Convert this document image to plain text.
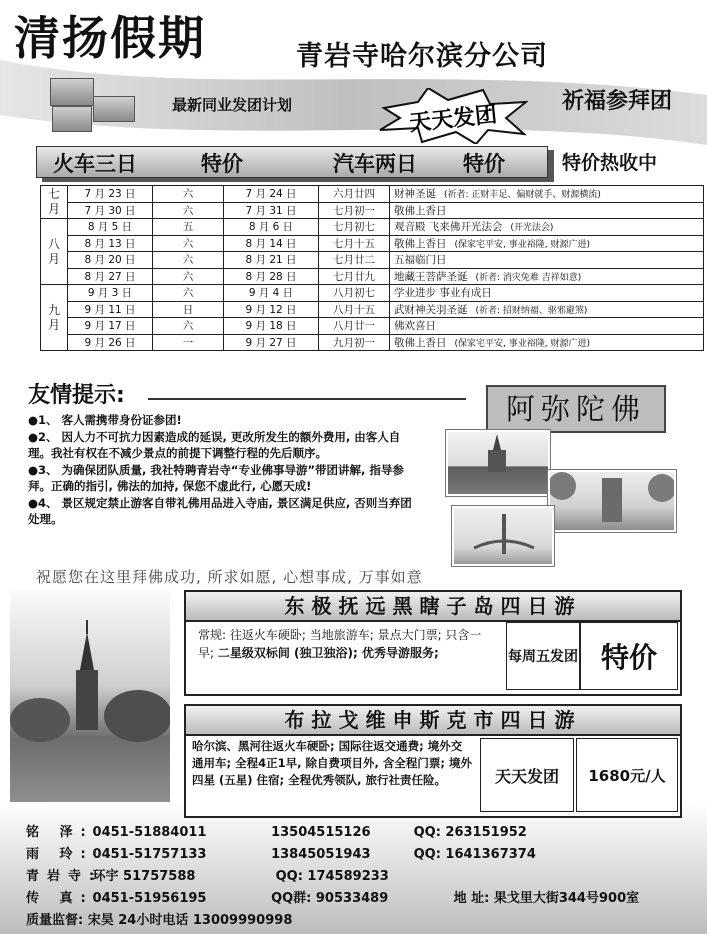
清扬假期	青岩寺哈尔滨分公司
祈福参拜团
最新同业发团计划	天天发团
火车三日	特价	汽车两日 特价	特价热收中
七月	7 月 23 日	六	7 月 24 日	六月廿四	财神圣诞 (祈者: 正财丰足、偏财就手、财源横流)
	7 月 30 日	六	7 月 31 日	七月初一	敬佛上香日
八月	8 月 5 日	五	8 月 6 日	七月初七	观音殿 飞来佛开光法会 (开光法会)
	8 月 13 日	六	8 月 14 日	七月十五	敬佛上香日 (保家宅平安, 事业裕隆, 财源广进)
	8 月 20 日	六	8 月 21 日	七月廿二	五福临门日
	8 月 27 日	六	8 月 28 日	七月廿九	地藏王菩萨圣诞 (祈者: 消灾免难 吉祥如意)
九月	9 月 3 日	六	9 月 4 日	八月初七	学业进步 事业有成日
	9 月 11 日	日	9 月 12 日	八月十五	武财神关羽圣诞 (祈者: 招财纳福、驱邪避煞)
	9 月 17 日	六	9 月 18 日	八月廿一	佛欢喜日
	9 月 26 日	一	9 月 27 日	九月初一	敬佛上香日 (保家宅平安, 事业裕隆, 财源广进)
友情提示:
●1、 客人需携带身份证参团!
●2、 因人力不可抗力因素造成的延误, 更改所发生的额外费用, 由客人自理。我社有权在不减少景点的前提下调整行程的先后顺序。
●3、 为确保团队质量, 我社特聘青岩寺“专业佛事导游”带团讲解, 指导参拜。正确的指引, 佛法的加持, 保您不虚此行, 心愿天成!
●4、 景区规定禁止游客自带礼佛用品进入寺庙, 景区满足供应, 否则当弃团处理。
阿弥陀佛
祝愿您在这里拜佛成功, 所求如愿, 心想事成, 万事如意
东极抚远黑瞎子岛四日游
常规: 往返火车硬卧; 当地旅游车; 景点大门票; 只含一早; 二星级双标间 (独卫独浴); 优秀导游服务;	每周五发团 特价
布拉戈维申斯克市四日游
哈尔滨、黑河往返火车硬卧; 国际往返交通费; 境外交通用车; 全程4正1早, 除自费项目外, 含全程门票; 境外四星 (五星) 住宿; 全程优秀领队, 旅行社责任险。	天天发团	1680元/人
铭 泽: 0451-51884011	13504515126	QQ: 263151952
雨 玲: 0451-51757133	13845051943	QQ: 1641367374
青岩寺: 环宇 51757588	QQ: 174589233
传 真: 0451-51956195	QQ群: 90533489	地 址: 果戈里大街344号900室
质量监督: 宋昊 24小时电话 13009990998
